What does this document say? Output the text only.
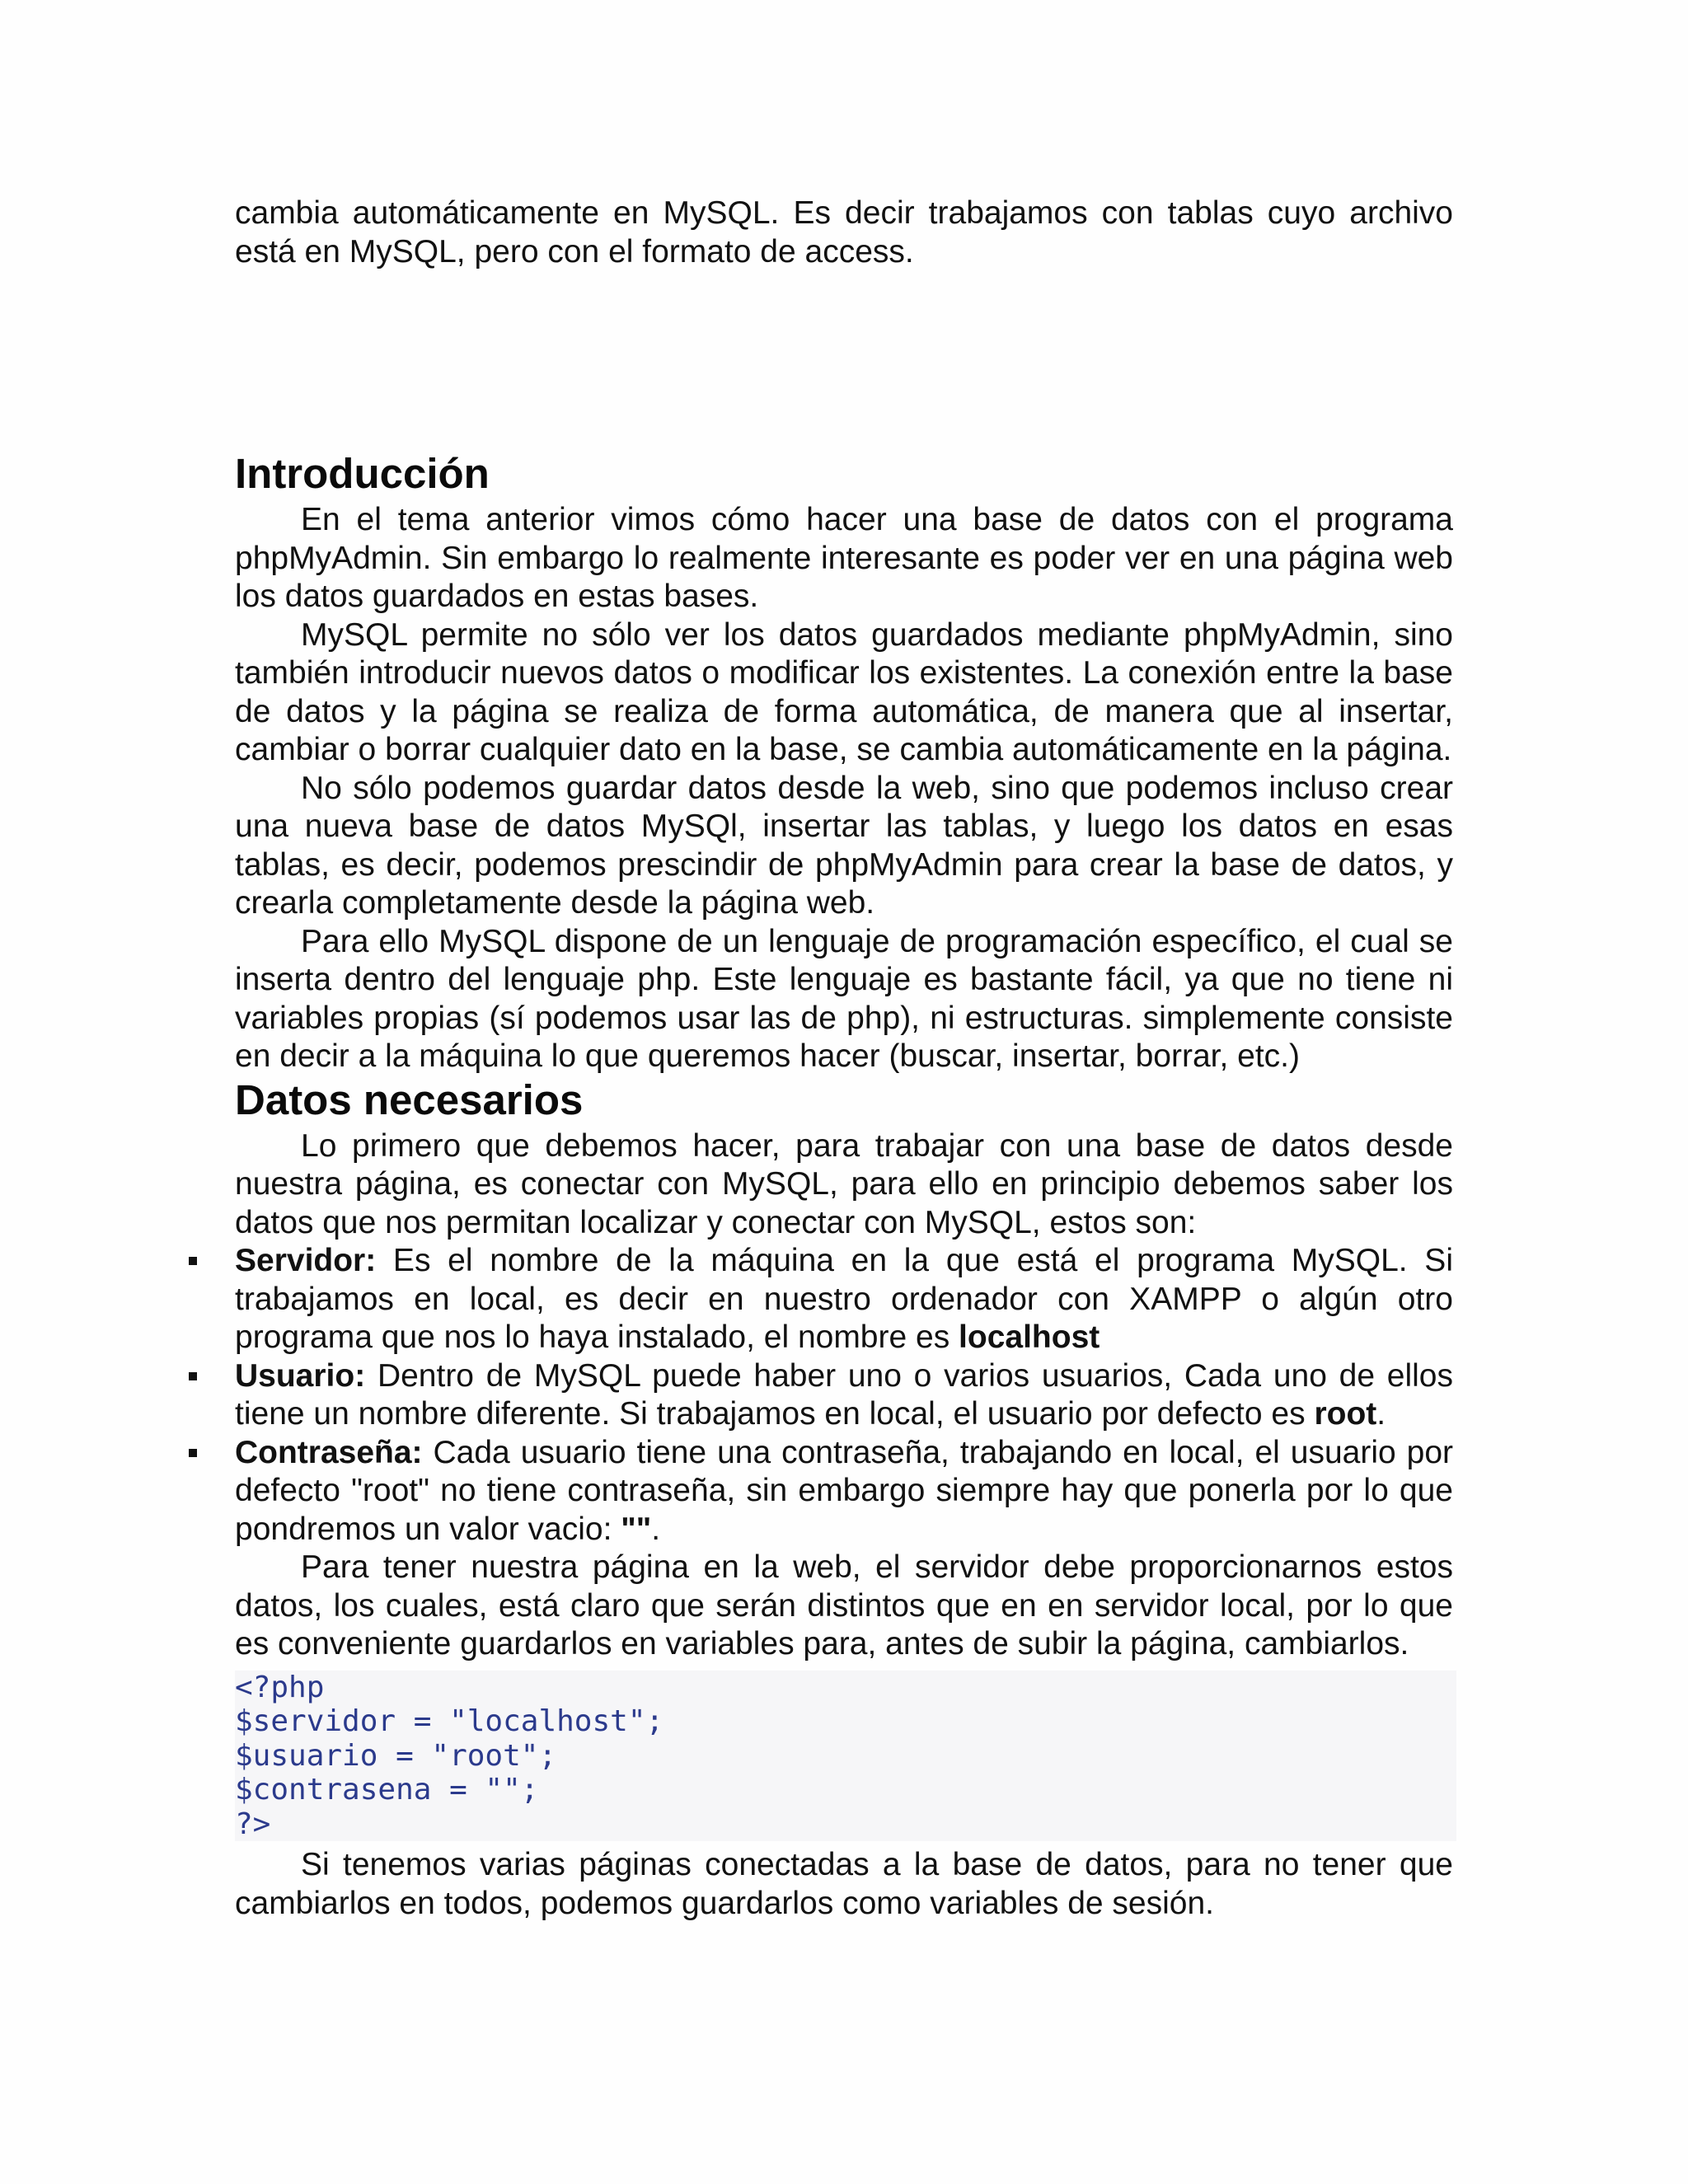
cambia automáticamente en MySQL. Es decir trabajamos con tablas cuyo archivo está en MySQL, pero con el formato de access.

Introducción

En el tema anterior vimos cómo hacer una base de datos con el programa phpMyAdmin. Sin embargo lo realmente interesante es poder ver en una página web los datos guardados en estas bases.

MySQL permite no sólo ver los datos guardados mediante phpMyAdmin, sino también introducir nuevos datos o modificar los existentes. La conexión entre la base de datos y la página se realiza de forma automática, de manera que al insertar, cambiar o borrar cualquier dato en la base, se cambia automáticamente en la página.

No sólo podemos guardar datos desde la web, sino que podemos incluso crear una nueva base de datos MySQl, insertar las tablas, y luego los datos en esas tablas, es decir, podemos prescindir de phpMyAdmin para crear la base de datos, y crearla completamente desde la página web.

Para ello MySQL dispone de un lenguaje de programación específico, el cual se inserta dentro del lenguaje php. Este lenguaje es bastante fácil, ya que no tiene ni variables propias (sí podemos usar las de php), ni estructuras. simplemente consiste en decir a la máquina lo que queremos hacer (buscar, insertar, borrar, etc.)

Datos necesarios

Lo primero que debemos hacer, para trabajar con una base de datos desde nuestra página, es conectar con MySQL, para ello en principio debemos saber los datos que nos permitan localizar y conectar con MySQL, estos son:

Servidor: Es el nombre de la máquina en la que está el programa MySQL. Si trabajamos en local, es decir en nuestro ordenador con XAMPP o algún otro programa que nos lo haya instalado, el nombre es localhost
Usuario: Dentro de MySQL puede haber uno o varios usuarios, Cada uno de ellos tiene un nombre diferente. Si trabajamos en local, el usuario por defecto es root.
Contraseña: Cada usuario tiene una contraseña, trabajando en local, el usuario por defecto "root" no tiene contraseña, sin embargo siempre hay que ponerla por lo que pondremos un valor vacio: "".

Para tener nuestra página en la web, el servidor debe proporcionarnos estos datos, los cuales, está claro que serán distintos que en en servidor local, por lo que es conveniente guardarlos en variables para, antes de subir la página, cambiarlos.

<?php
$servidor = "localhost";
$usuario = "root";
$contrasena = "";
?>

Si tenemos varias páginas conectadas a la base de datos, para no tener que cambiarlos en todos, podemos guardarlos como variables de sesión.
